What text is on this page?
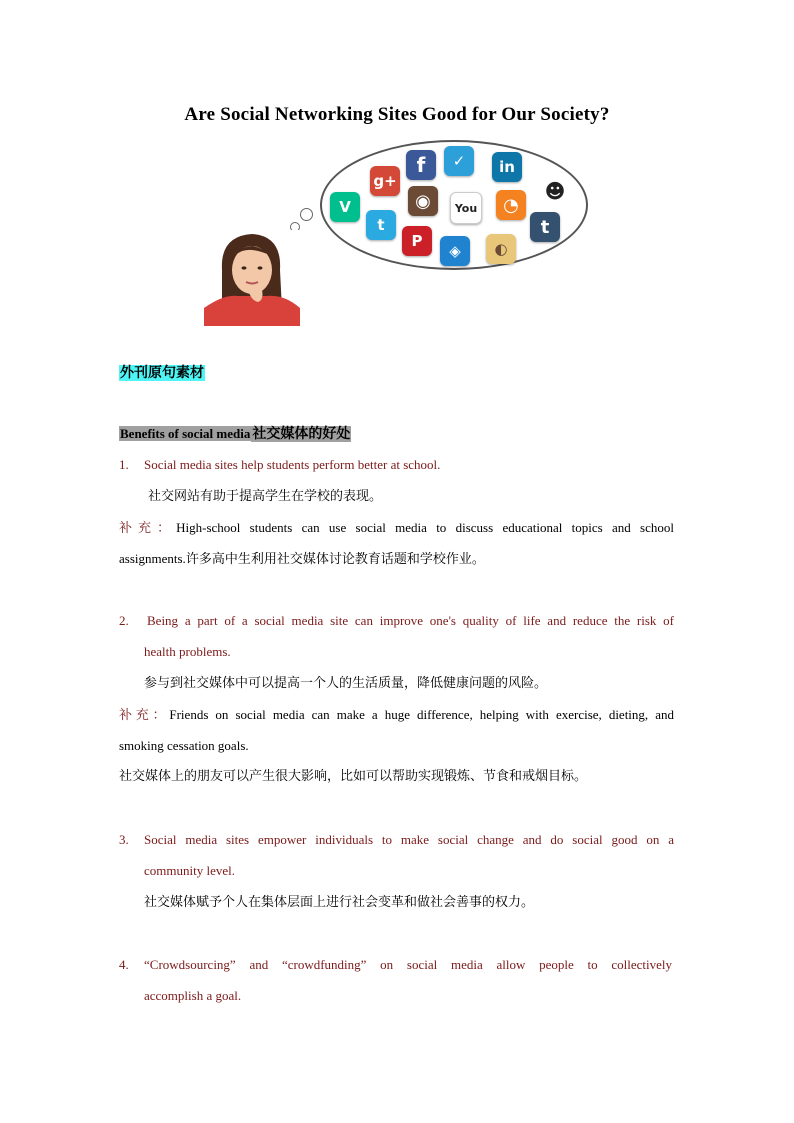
Are Social Networking Sites Good for Our Society?
g+
f	✓	in
☻
V	◉	You	◔
t
P
◈	◐
t
外刊原句素材
Benefits of social media 社交媒体的好处
1. Social media sites help students perform better at school.
社交网站有助于提高学生在学校的表现。
补充：High-school students can use social media to discuss educational topics and school
assignments.许多高中生利用社交媒体讨论教育话题和学校作业。
2. Being a part of a social media site can improve one's quality of life and reduce the risk of
health problems.
参与到社交媒体中可以提高一个人的生活质量，降低健康问题的风险。
补充：Friends on social media can make a huge difference, helping with exercise, dieting, and
smoking cessation goals.
社交媒体上的朋友可以产生很大影响，比如可以帮助实现锻炼、节食和戒烟目标。
3. Social media sites empower individuals to make social change and do social good on a
community level.
社交媒体赋予个人在集体层面上进行社会变革和做社会善事的权力。
4. “Crowdsourcing” and “crowdfunding” on social media allow people to collectively
accomplish a goal.
